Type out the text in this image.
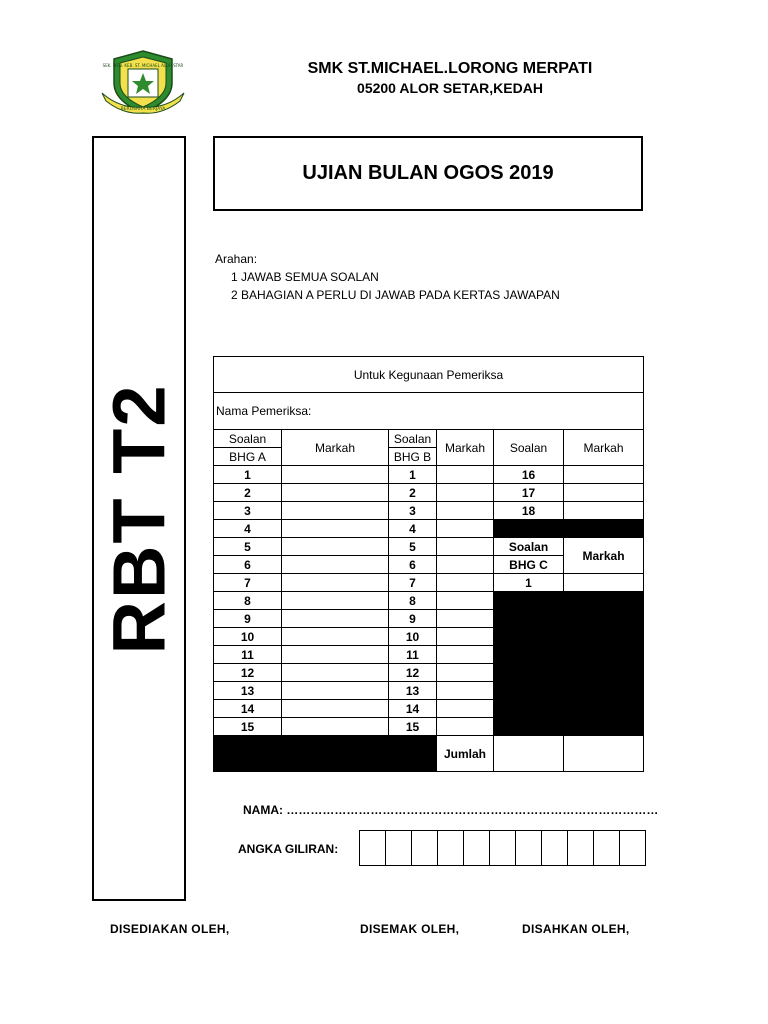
SEK. MEN. KEB. ST. MICHAEL ALOR STAR
BERUSAHA BERJAYA
SMK ST.MICHAEL.LORONG MERPATI
05200 ALOR SETAR,KEDAH
RBT T2
UJIAN BULAN OGOS 2019
Arahan:
1 JAWAB SEMUA SOALAN
2 BAHAGIAN A PERLU DI JAWAB PADA KERTAS JAWAPAN
Untuk Kegunaan Pemeriksa					
Nama Pemeriksa:					
Soalan	Markah	Soalan	Markah	Soalan	Markah
BHG A		BHG B			
1		1		16	
2		2		17	
3		3		18	
4		4			
5		5		Soalan	Markah
6		6		BHG C	
7		7		1	
8		8			
9		9			
10		10			
11		11			
12		12			
13		13			
14		14			
15		15			
			Jumlah		
NAMA: …………………………………………………………………………………
ANGKA GILIRAN:

DISEDIAKAN OLEH,	DISEMAK OLEH,	DISAHKAN OLEH,
